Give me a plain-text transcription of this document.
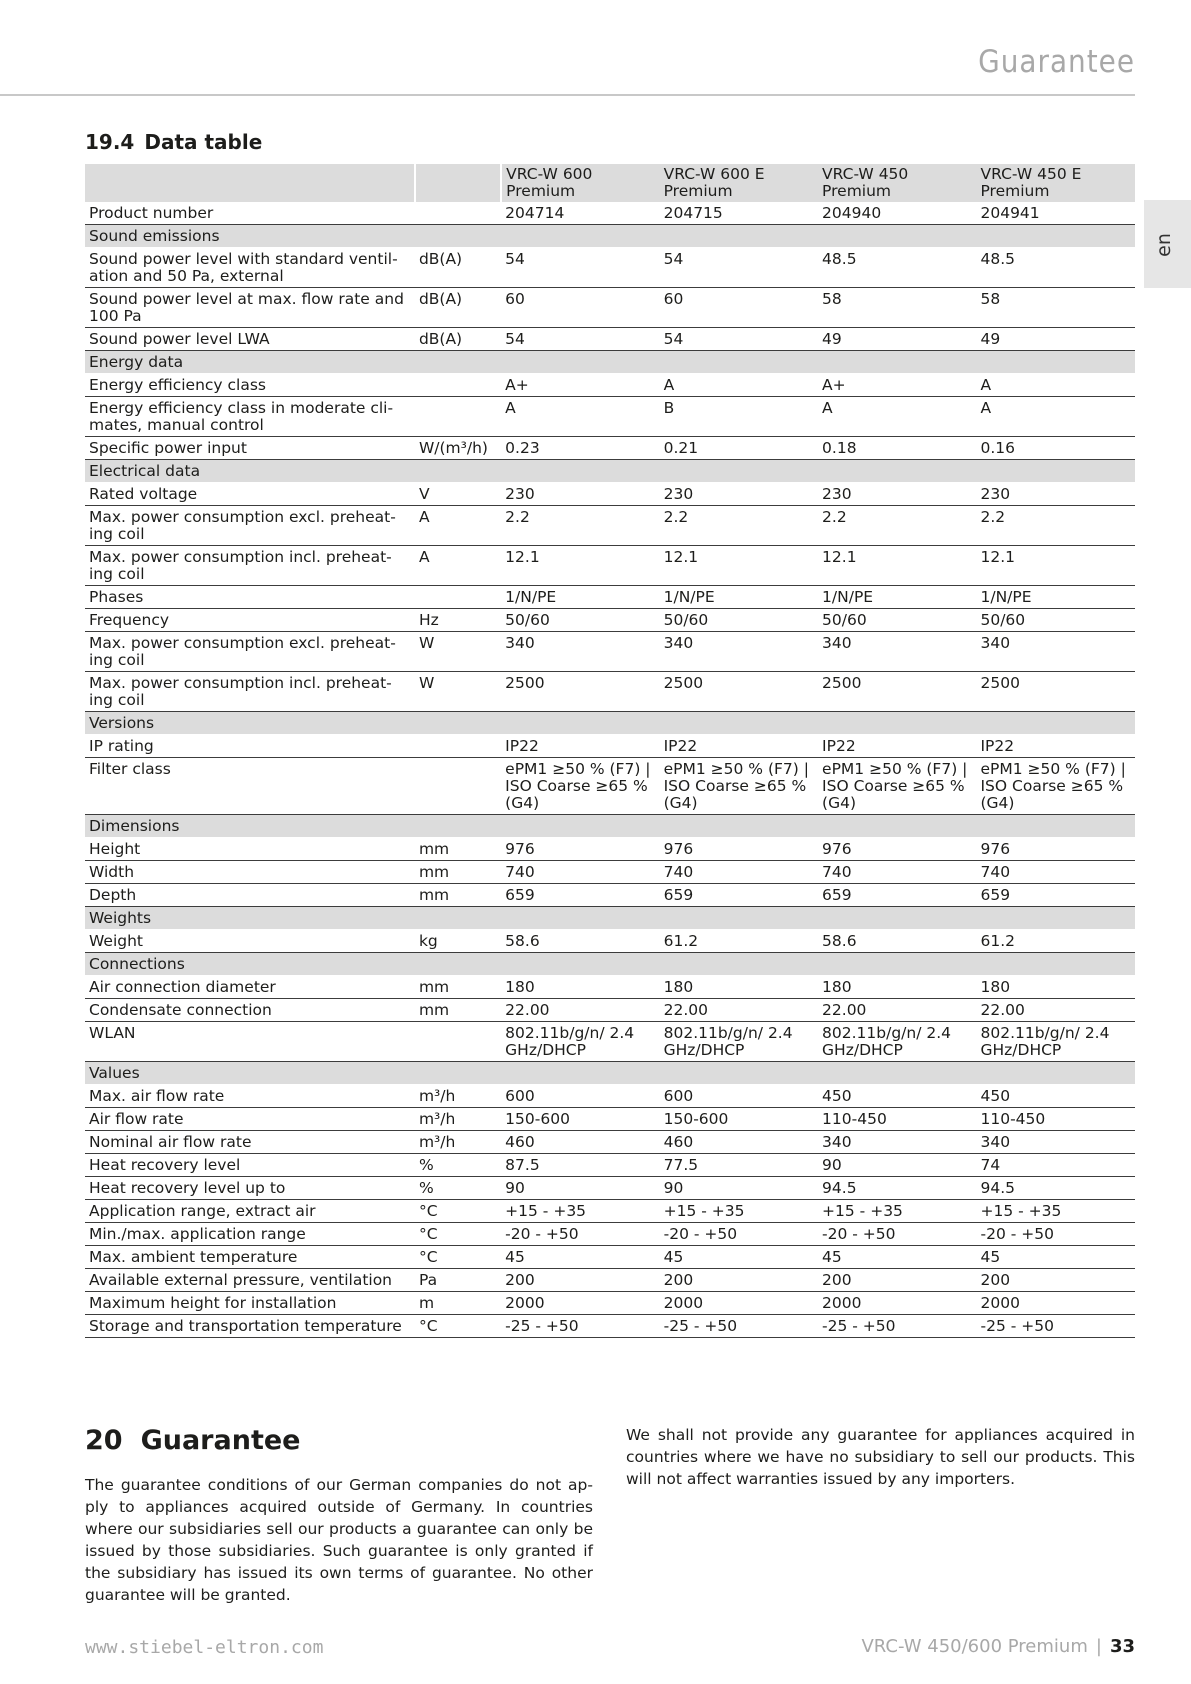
Guarantee
en
19.4 Data table
		VRC-W 600 Premium	VRC-W 600 E Premium	VRC-W 450 Premium	VRC-W 450 E Premium
Product number		204714	204715	204940	204941
Sound emissions					
Sound power level with standard ventil-ation and 50 Pa, external	dB(A)	54	54	48.5	48.5
Sound power level at max. flow rate and 100 Pa	dB(A)	60	60	58	58
Sound power level LWA	dB(A)	54	54	49	49
Energy data					
Energy efficiency class		A+	A	A+	A
Energy efficiency class in moderate cli-mates, manual control		A	B	A	A
Specific power input	W/(m³/h)	0.23	0.21	0.18	0.16
Electrical data					
Rated voltage	V	230	230	230	230
Max. power consumption excl. preheat-ing coil	A	2.2	2.2	2.2	2.2
Max. power consumption incl. preheat-ing coil	A	12.1	12.1	12.1	12.1
Phases		1/N/PE	1/N/PE	1/N/PE	1/N/PE
Frequency	Hz	50/60	50/60	50/60	50/60
Max. power consumption excl. preheat-ing coil	W	340	340	340	340
Max. power consumption incl. preheat-ing coil	W	2500	2500	2500	2500
Versions					
IP rating		IP22	IP22	IP22	IP22
Filter class		ePM1 ≥50 % (F7) | ISO Coarse ≥65 % (G4)	ePM1 ≥50 % (F7) | ISO Coarse ≥65 % (G4)	ePM1 ≥50 % (F7) | ISO Coarse ≥65 % (G4)	ePM1 ≥50 % (F7) | ISO Coarse ≥65 % (G4)
Dimensions					
Height	mm	976	976	976	976
Width	mm	740	740	740	740
Depth	mm	659	659	659	659
Weights					
Weight	kg	58.6	61.2	58.6	61.2
Connections					
Air connection diameter	mm	180	180	180	180
Condensate connection	mm	22.00	22.00	22.00	22.00
WLAN		802.11b/g/n/ 2.4 GHz/DHCP	802.11b/g/n/ 2.4 GHz/DHCP	802.11b/g/n/ 2.4 GHz/DHCP	802.11b/g/n/ 2.4 GHz/DHCP
Values					
Max. air flow rate	m³/h	600	600	450	450
Air flow rate	m³/h	150-600	150-600	110-450	110-450
Nominal air flow rate	m³/h	460	460	340	340
Heat recovery level	%	87.5	77.5	90	74
Heat recovery level up to	%	90	90	94.5	94.5
Application range, extract air	°C	+15 - +35	+15 - +35	+15 - +35	+15 - +35
Min./max. application range	°C	-20 - +50	-20 - +50	-20 - +50	-20 - +50
Max. ambient temperature	°C	45	45	45	45
Available external pressure, ventilation	Pa	200	200	200	200
Maximum height for installation	m	2000	2000	2000	2000
Storage and transportation temperature	°C	-25 - +50	-25 - +50	-25 - +50	-25 - +50
20 Guarantee
The guarantee conditions of our German companies do not ap-ply to appliances acquired outside of Germany. In countries where our subsidiaries sell our products a guarantee can only be issued by those subsidiaries. Such guarantee is only granted if the subsidiary has issued its own terms of guarantee. No other guarantee will be granted.
We shall not provide any guarantee for appliances acquired in countries where we have no subsidiary to sell our products. This will not affect warranties issued by any importers.
www.stiebel-eltron.com	VRC-W 450/600 Premium | 33
